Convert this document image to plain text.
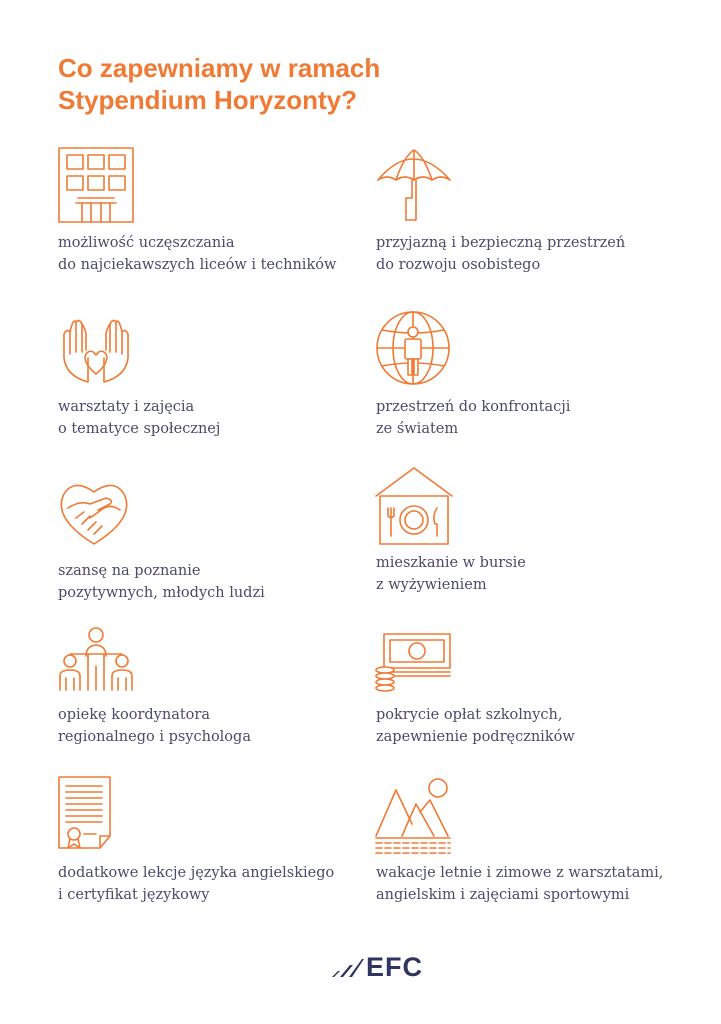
Co zapewniamy w ramach
Stypendium Horyzonty?

możliwość uczęszczania
do najciekawszych liceów i techników

przyjazną i bezpieczną przestrzeń
do rozwoju osobistego

warsztaty i zajęcia
o tematyce społecznej

przestrzeń do konfrontacji
ze światem

szansę na poznanie
pozytywnych, młodych ludzi

mieszkanie w bursie
z wyżywieniem

opiekę koordynatora
regionalnego i psychologa

pokrycie opłat szkolnych,
zapewnienie podręczników

dodatkowe lekcje języka angielskiego
i certyfikat językowy

wakacje letnie i zimowe z warsztatami,
angielskim i zajęciami sportowymi

EFC
